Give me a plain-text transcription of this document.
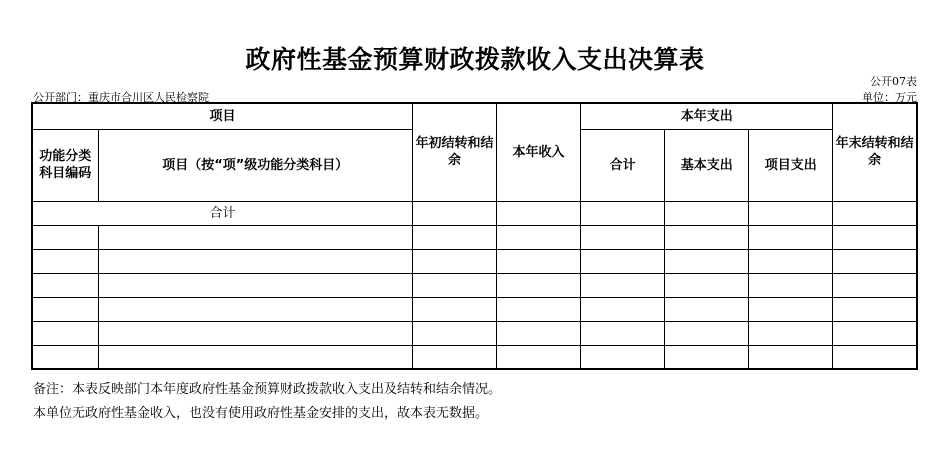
政府性基金预算财政拨款收入支出决算表
公开07表
公开部门：重庆市合川区人民检察院	单位：万元
项目		年初结转和结余	本年收入	本年支出			年末结转和结余
功能分类科目编码	项目（按“项”级功能分类科目）			合计	基本支出	项目支出	
合计							

备注：本表反映部门本年度政府性基金预算财政拨款收入支出及结转和结余情况。
本单位无政府性基金收入，也没有使用政府性基金安排的支出，故本表无数据。
